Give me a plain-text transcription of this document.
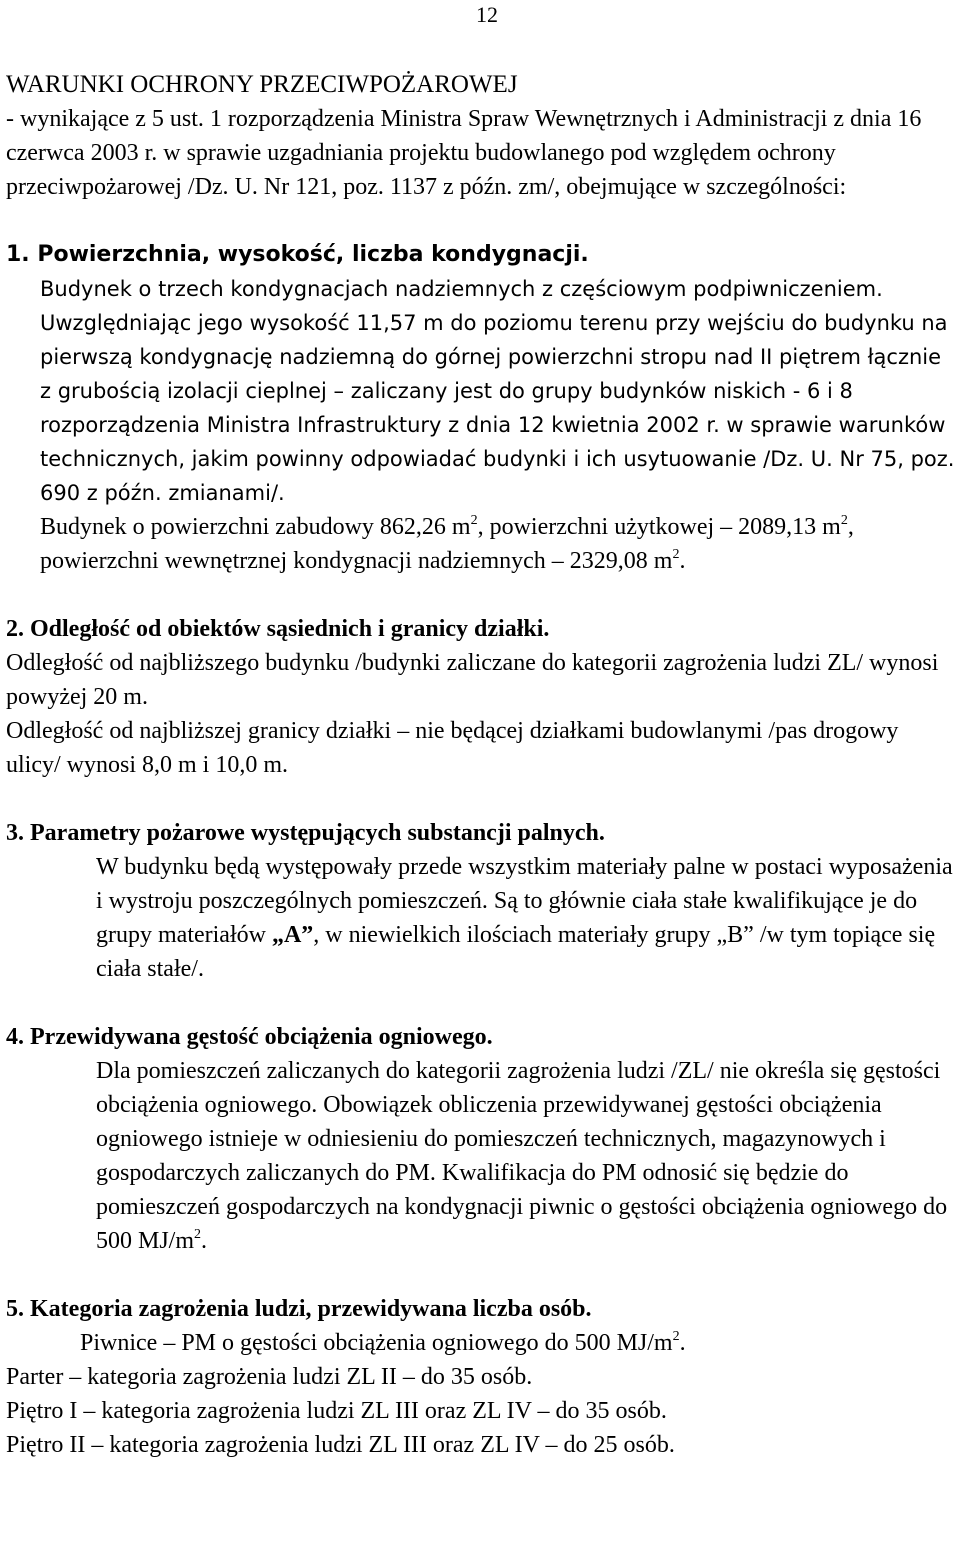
12

WARUNKI OCHRONY PRZECIWPOŻAROWEJ

- wynikające z 5 ust. 1 rozporządzenia Ministra Spraw Wewnętrznych i Administracji z dnia 16 czerwca 2003 r. w sprawie uzgadniania projektu budowlanego pod względem ochrony przeciwpożarowej /Dz. U. Nr 121, poz. 1137 z późn. zm/, obejmujące w szczególności:

1. Powierzchnia, wysokość, liczba kondygnacji.

Budynek o trzech kondygnacjach nadziemnych z częściowym podpiwniczeniem. Uwzględniając jego wysokość 11,57 m do poziomu terenu przy wejściu do budynku na pierwszą kondygnację nadziemną do górnej powierzchni stropu nad II piętrem łącznie z grubością izolacji cieplnej – zaliczany jest do grupy budynków niskich - 6 i 8 rozporządzenia Ministra Infrastruktury z dnia 12 kwietnia 2002 r. w sprawie warunków technicznych, jakim powinny odpowiadać budynki i ich usytuowanie /Dz. U. Nr 75, poz. 690 z późn. zmianami/.

Budynek o powierzchni zabudowy 862,26 $m^2$, powierzchni użytkowej – 2089,13 $m^2$, powierzchni wewnętrznej kondygnacji nadziemnych – 2329,08 $m^2$.

2. Odległość od obiektów sąsiednich i granicy działki.

Odległość od najbliższego budynku /budynki zaliczane do kategorii zagrożenia ludzi ZL/ wynosi powyżej 20 m.

Odległość od najbliższej granicy działki – nie będącej działkami budowlanymi /pas drogowy ulicy/ wynosi 8,0 m i 10,0 m.

3. Parametry pożarowe występujących substancji palnych.

W budynku będą występowały przede wszystkim materiały palne w postaci wyposażenia i wystroju poszczególnych pomieszczeń. Są to głównie ciała stałe kwalifikujące je do grupy materiałów „A”, w niewielkich ilościach materiały grupy „B” /w tym topiące się ciała stałe/.

4. Przewidywana gęstość obciążenia ogniowego.

Dla pomieszczeń zaliczanych do kategorii zagrożenia ludzi /ZL/ nie określa się gęstości obciążenia ogniowego. Obowiązek obliczenia przewidywanej gęstości obciążenia ogniowego istnieje w odniesieniu do pomieszczeń technicznych, magazynowych i gospodarczych zaliczanych do PM. Kwalifikacja do PM odnosić się będzie do pomieszczeń gospodarczych na kondygnacji piwnic o gęstości obciążenia ogniowego do 500 $MJ/m^2$.

5. Kategoria zagrożenia ludzi, przewidywana liczba osób.

Piwnice – PM o gęstości obciążenia ogniowego do 500 $MJ/m^2$.

Parter – kategoria zagrożenia ludzi ZL II – do 35 osób.

Piętro I – kategoria zagrożenia ludzi ZL III oraz ZL IV – do 35 osób.

Piętro II – kategoria zagrożenia ludzi ZL III oraz ZL IV – do 25 osób.
